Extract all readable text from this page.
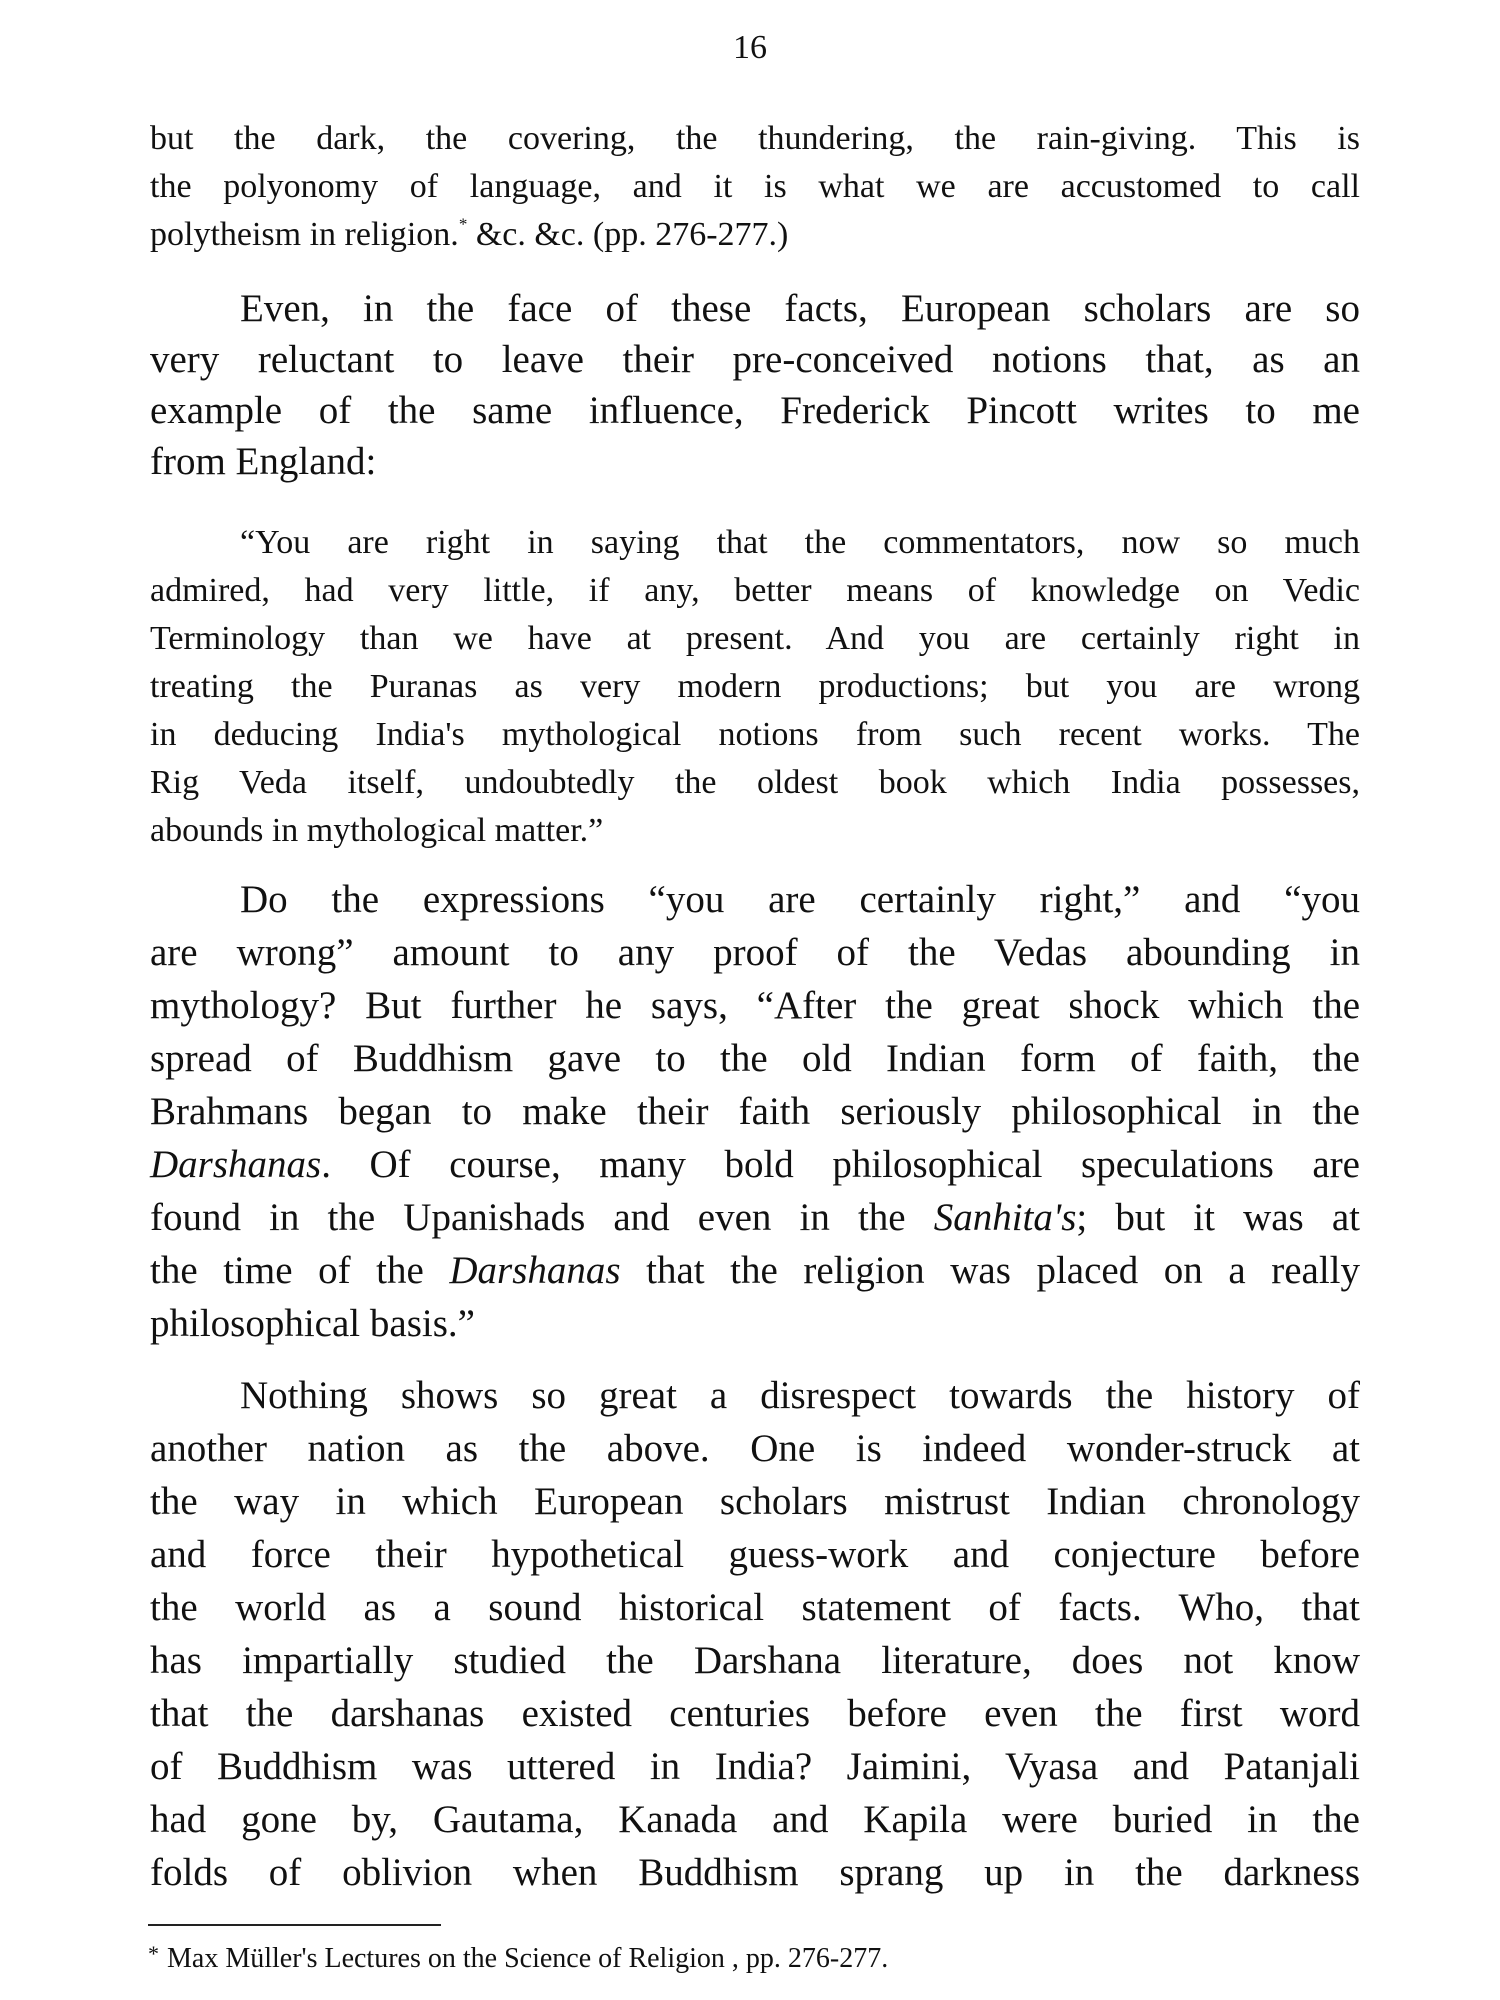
16
but the dark, the covering, the thundering, the rain-giving. This is
the polyonomy of language, and it is what we are accustomed to call
polytheism in religion.* &c. &c. (pp. 276-277.)
Even, in the face of these facts, European scholars are so
very reluctant to leave their pre-conceived notions that, as an
example of the same influence, Frederick Pincott writes to me
from England:
“You are right in saying that the commentators, now so much
admired, had very little, if any, better means of knowledge on Vedic
Terminology than we have at present. And you are certainly right in
treating the Puranas as very modern productions; but you are wrong
in deducing India's mythological notions from such recent works. The
Rig Veda itself, undoubtedly the oldest book which India possesses,
abounds in mythological matter.”
Do the expressions “you are certainly right,” and “you
are wrong” amount to any proof of the Vedas abounding in
mythology? But further he says, “After the great shock which the
spread of Buddhism gave to the old Indian form of faith, the
Brahmans began to make their faith seriously philosophical in the
Darshanas. Of course, many bold philosophical speculations are
found in the Upanishads and even in the Sanhita's; but it was at
the time of the Darshanas that the religion was placed on a really
philosophical basis.”
Nothing shows so great a disrespect towards the history of
another nation as the above. One is indeed wonder-struck at
the way in which European scholars mistrust Indian chronology
and force their hypothetical guess-work and conjecture before
the world as a sound historical statement of facts. Who, that
has impartially studied the Darshana literature, does not know
that the darshanas existed centuries before even the first word
of Buddhism was uttered in India? Jaimini, Vyasa and Patanjali
had gone by, Gautama, Kanada and Kapila were buried in the
folds of oblivion when Buddhism sprang up in the darkness
* Max Müller's Lectures on the Science of Religion , pp. 276-277.
